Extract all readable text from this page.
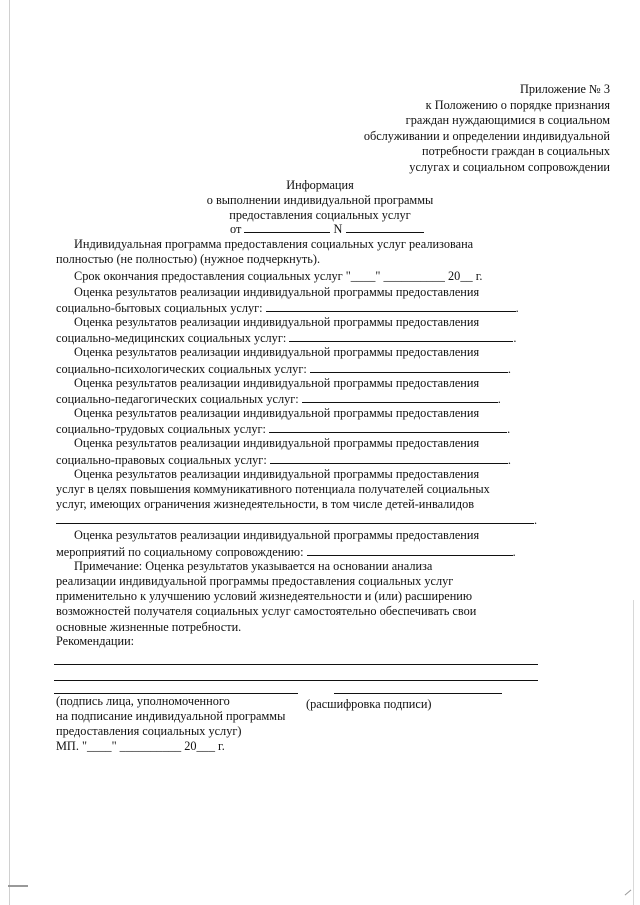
Приложение № 3
к Положению о порядке признания
граждан нуждающимися в социальном
обслуживании и определении индивидуальной
потребности граждан в социальных
услугах и социальном сопровождении
Информация
о выполнении индивидуальной программы
предоставления социальных услуг
от	N
Индивидуальная программа предоставления социальных услуг реализована
полностью (не полностью) (нужное подчеркнуть).
Срок окончания предоставления социальных услуг "____" __________ 20__ г.
Оценка результатов реализации индивидуальной программы предоставления
социально-бытовых социальных услуг:	.
Оценка результатов реализации индивидуальной программы предоставления
социально-медицинских социальных услуг:	.
Оценка результатов реализации индивидуальной программы предоставления
социально-психологических социальных услуг:	.
Оценка результатов реализации индивидуальной программы предоставления
социально-педагогических социальных услуг:	.
Оценка результатов реализации индивидуальной программы предоставления
социально-трудовых социальных услуг:	.
Оценка результатов реализации индивидуальной программы предоставления
социально-правовых социальных услуг:	.
Оценка результатов реализации индивидуальной программы предоставления
услуг в целях повышения коммуникативного потенциала получателей социальных
услуг, имеющих ограничения жизнедеятельности, в том числе детей-инвалидов
.
Оценка результатов реализации индивидуальной программы предоставления
мероприятий по социальному сопровождению:	.
Примечание: Оценка результатов указывается на основании анализа
реализации индивидуальной программы предоставления социальных услуг
применительно к улучшению условий жизнедеятельности и (или) расширению
возможностей получателя социальных услуг самостоятельно обеспечивать свои
основные жизненные потребности.
Рекомендации:
(подпись лица, уполномоченного
на подписание индивидуальной программы
предоставления социальных услуг)
МП. "____" __________ 20___ г.
(расшифровка подписи)
